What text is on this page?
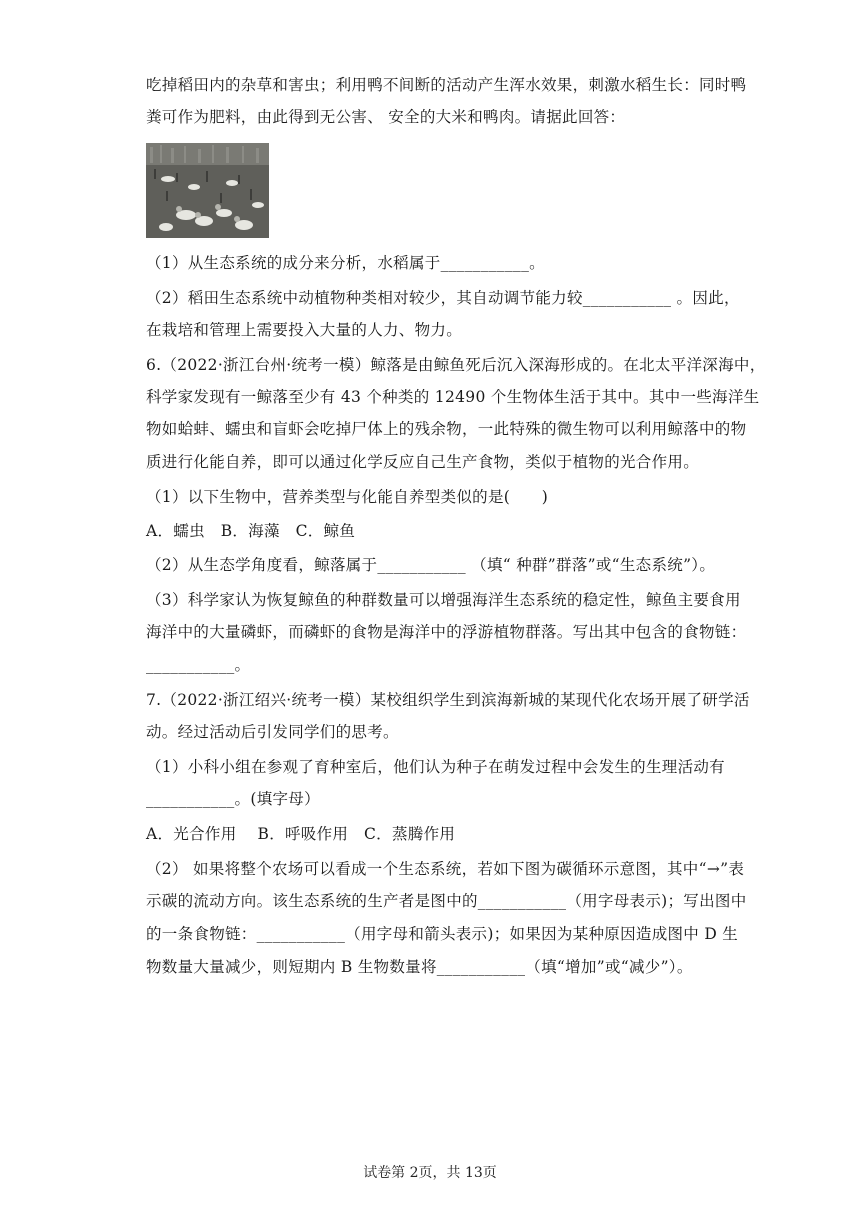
吃掉稻田内的杂草和害虫；利用鸭不间断的活动产生浑水效果，刺激水稻生长：同时鸭
粪可作为肥料，由此得到无公害、 安全的大米和鸭肉。请据此回答：
（1）从生态系统的成分来分析，水稻属于___________。
（2）稻田生态系统中动植物种类相对较少，其自动调节能力较___________ 。因此，
在栽培和管理上需要投入大量的人力、物力。
6.（2022·浙江台州·统考一模）鲸落是由鲸鱼死后沉入深海形成的。在北太平洋深海中，
科学家发现有一鲸落至少有 43 个种类的 12490 个生物体生活于其中。其中一些海洋生
物如蛤蚌、蠕虫和盲虾会吃掉尸体上的残余物，一此特殊的微生物可以利用鲸落中的物
质进行化能自养，即可以通过化学反应自己生产食物，类似于植物的光合作用。
（1）以下生物中，营养类型与化能自养型类似的是(　　)
A．蠕虫　B．海藻　C．鲸鱼
（2）从生态学角度看，鲸落属于___________ （填“ 种群”群落”或“生态系统”）。
（3）科学家认为恢复鲸鱼的种群数量可以增强海洋生态系统的稳定性，鲸鱼主要食用
海洋中的大量磷虾，而磷虾的食物是海洋中的浮游植物群落。写出其中包含的食物链：
___________。
7.（2022·浙江绍兴·统考一模）某校组织学生到滨海新城的某现代化农场开展了研学活
动。经过活动后引发同学们的思考。
（1）小科小组在参观了育种室后，他们认为种子在萌发过程中会发生的生理活动有
___________。(填字母）
A．光合作用　 B．呼吸作用　C．蒸腾作用
（2） 如果将整个农场可以看成一个生态系统，若如下图为碳循环示意图，其中“→”表
示碳的流动方向。该生态系统的生产者是图中的___________（用字母表示)；写出图中
的一条食物链：___________（用字母和箭头表示)；如果因为某种原因造成图中 D 生
物数量大量减少，则短期内 B 生物数量将___________（填“增加”或“减少”）。
试卷第 2页，共 13页
